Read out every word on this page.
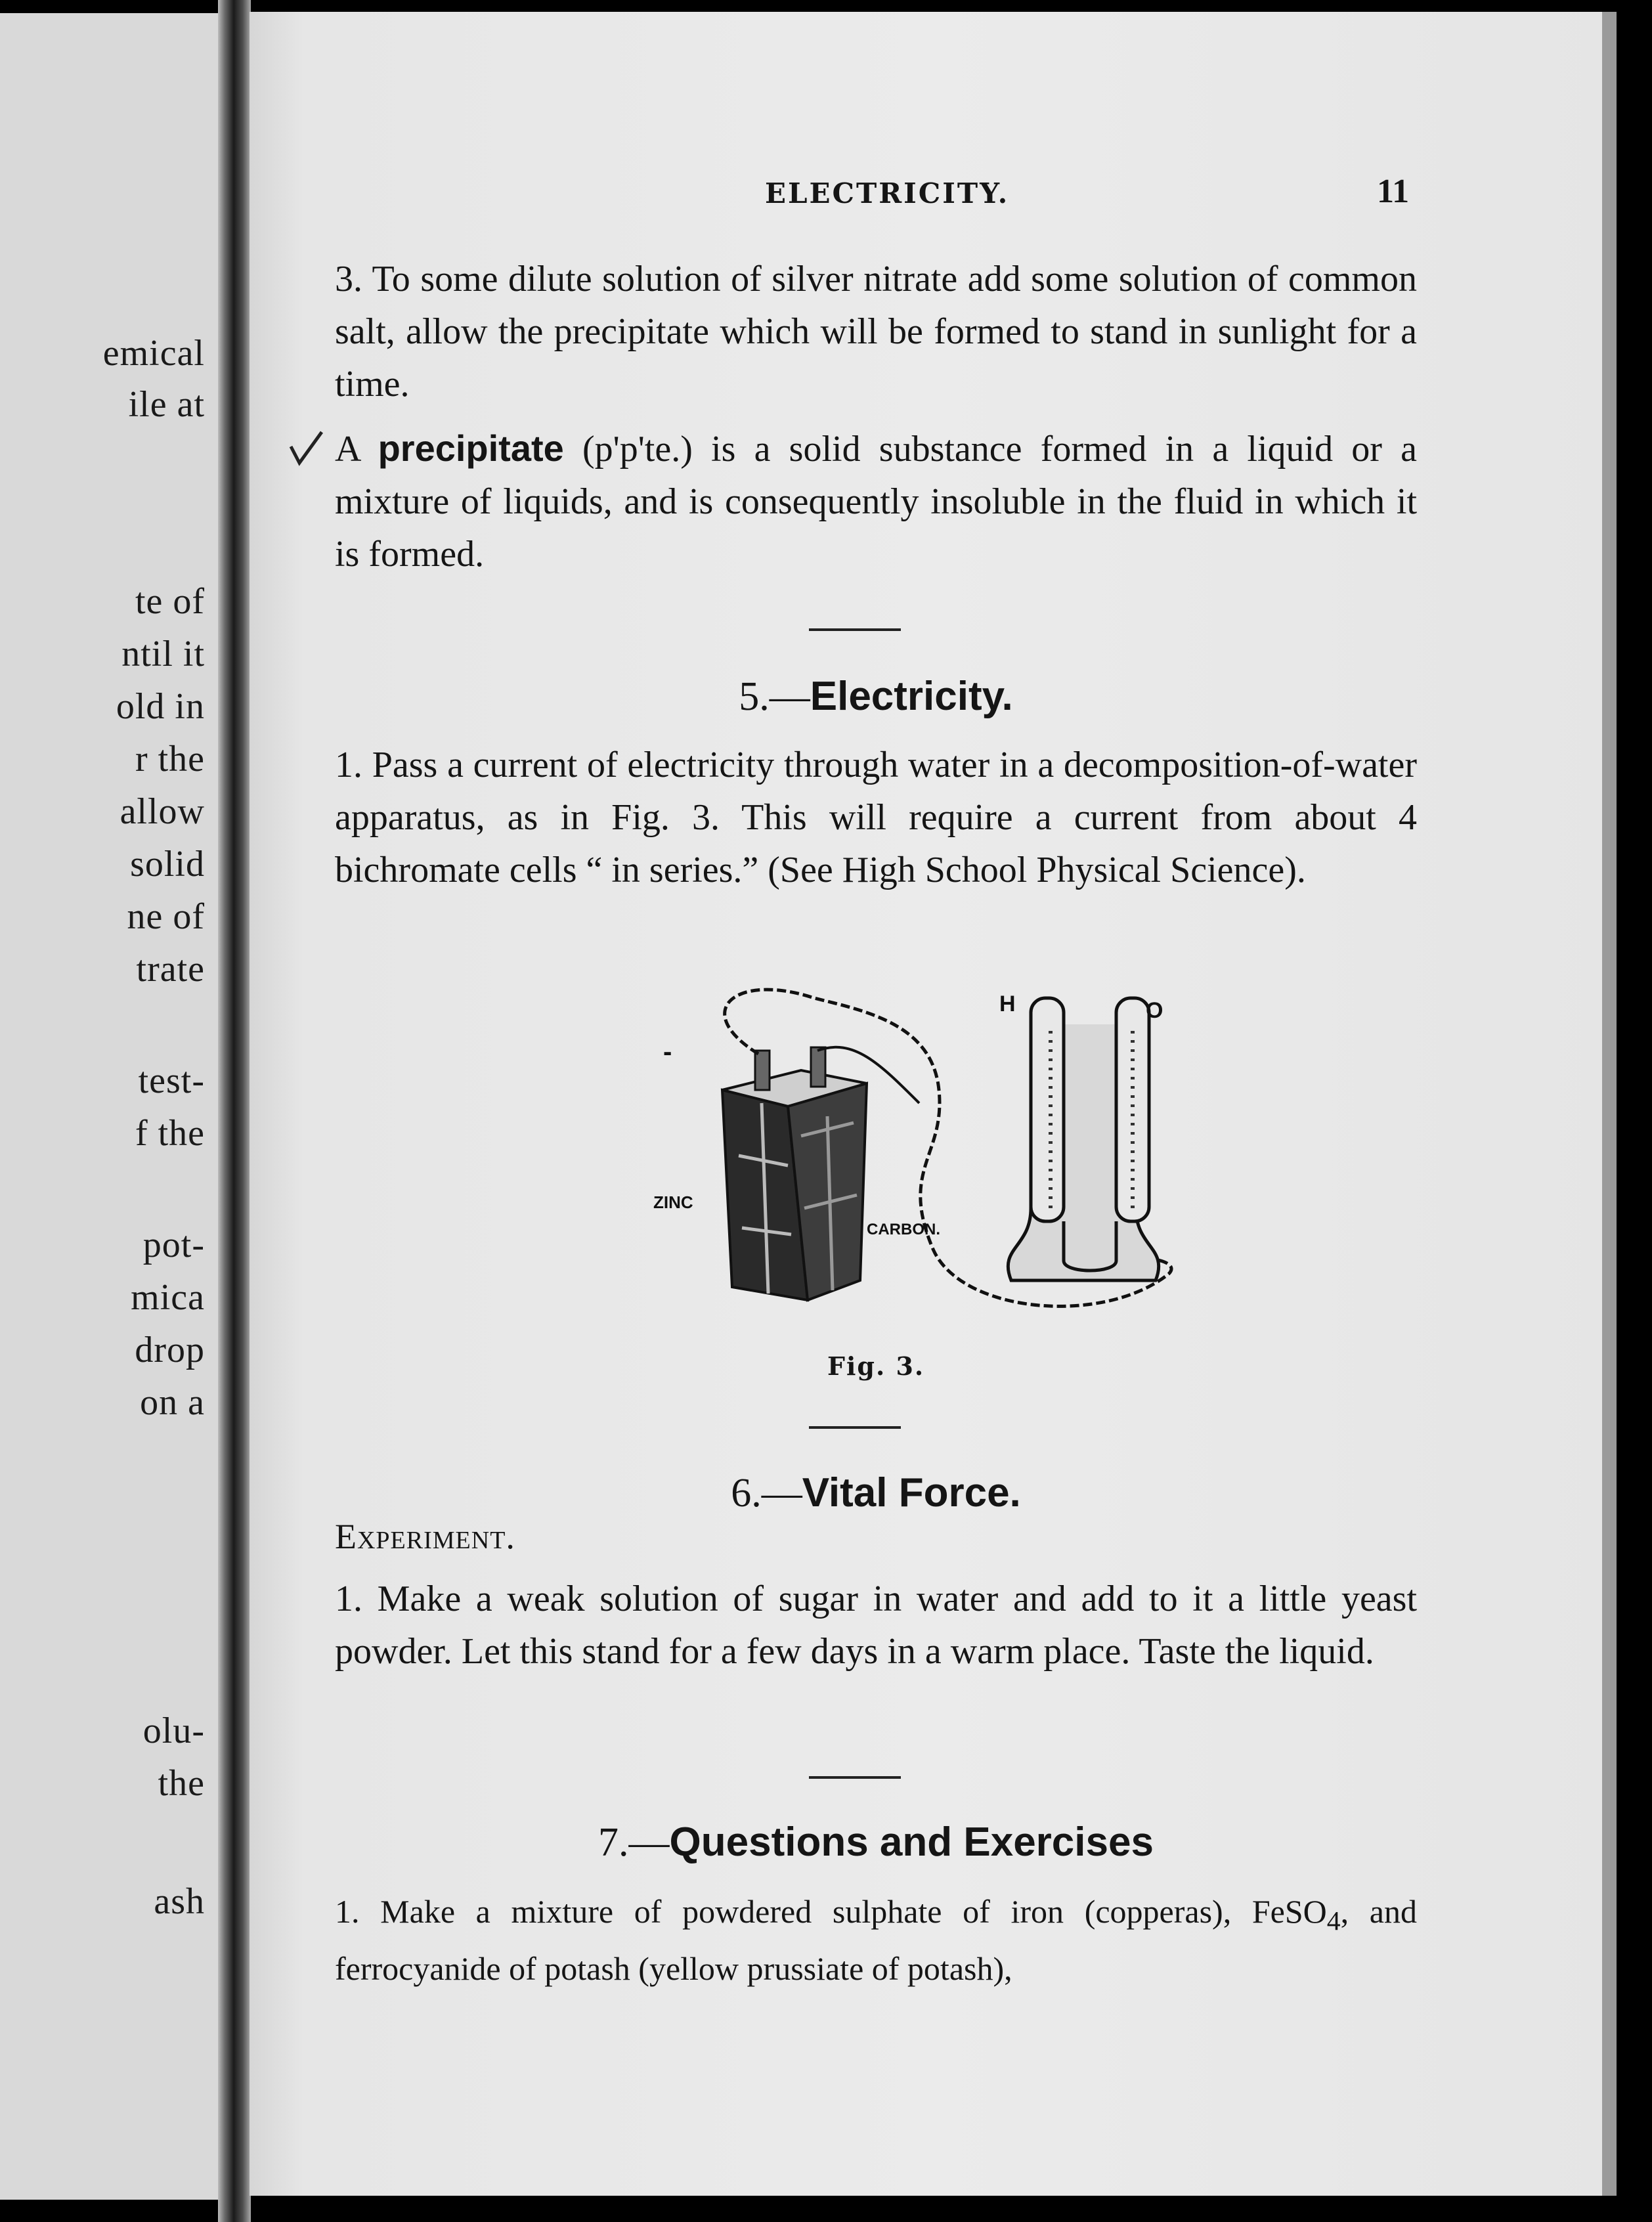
emical
ile at
te of
ntil it
old in
r the
allow
solid
ne of
trate
test-
f the
pot-
mica
drop
on a
olu-
the
ash
ELECTRICITY.	11
3. To some dilute solution of silver nitrate add some solution of common salt, allow the precipitate which will be formed to stand in sunlight for a time.
A precipitate (p'p'te.) is a solid substance formed in a liquid or a mixture of liquids, and is consequently insoluble in the fluid in which it is formed.
5.—Electricity.
1. Pass a current of electricity through water in a decomposition-of-water apparatus, as in Fig. 3. This will require a current from about 4 bichromate cells “ in series.” (See High School Physical Science).
H	O
ZINC
CARBON.
-
Fig. 3.
6.—Vital Force.
Experiment.
1. Make a weak solution of sugar in water and add to it a little yeast powder. Let this stand for a few days in a warm place. Taste the liquid.
7.—Questions and Exercises
1. Make a mixture of powdered sulphate of iron (copperas), FeSO$_4$, and ferrocyanide of potash (yellow prussiate of potash),
